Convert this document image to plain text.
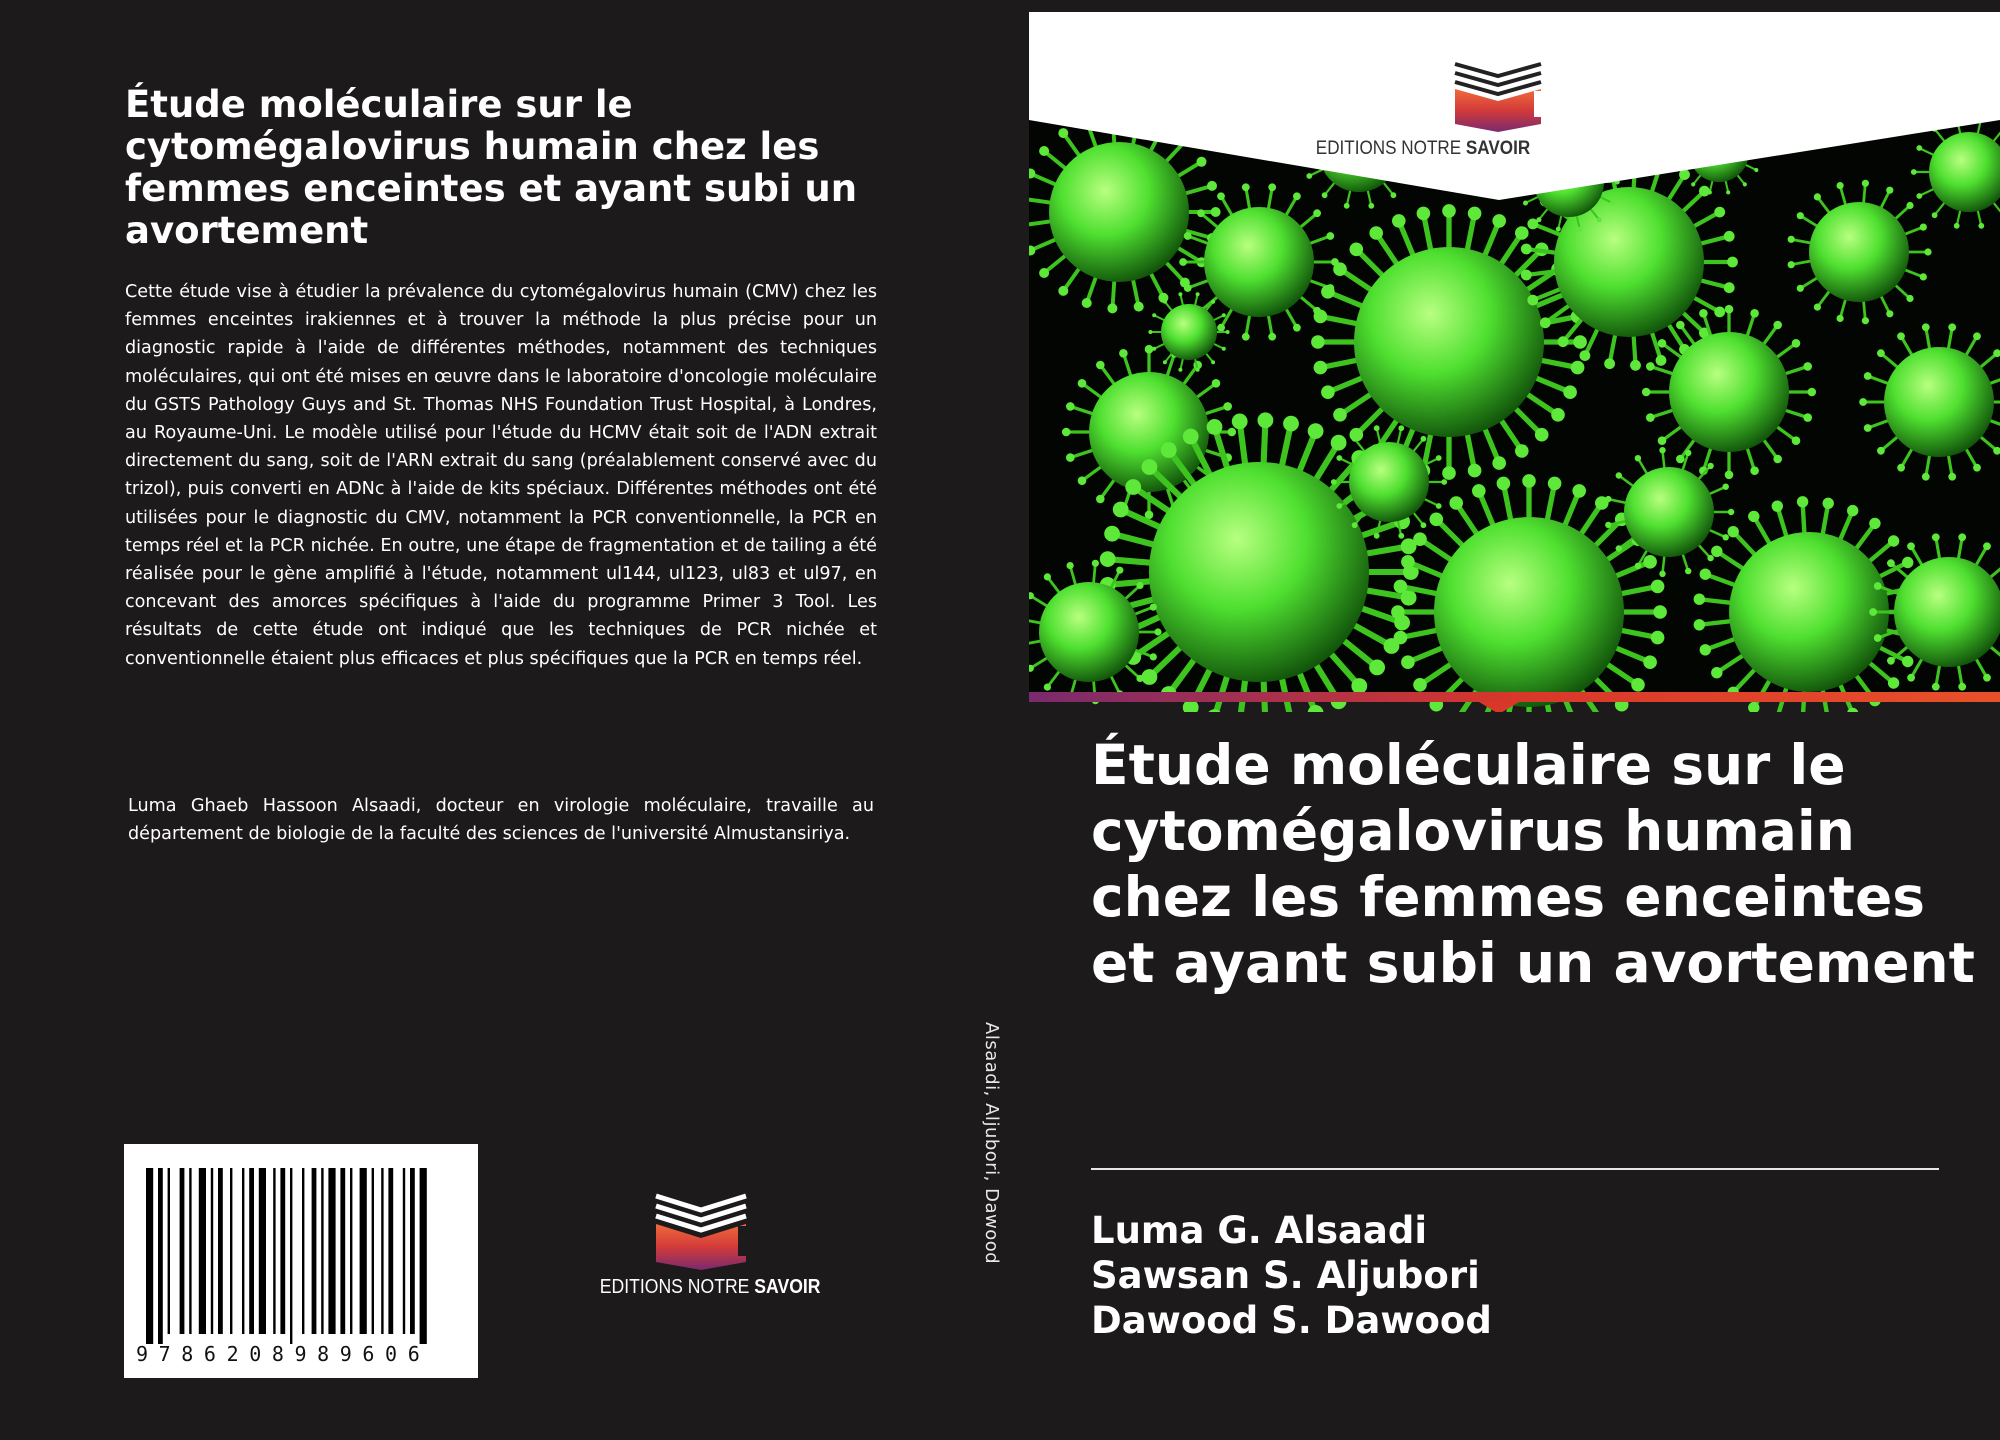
Étude moléculaire sur le cytomégalovirus humain chez les femmes enceintes et ayant subi un avortement

Cette étude vise à étudier la prévalence du cytomégalovirus humain (CMV) chez les femmes enceintes irakiennes et à trouver la méthode la plus précise pour un diagnostic rapide à l'aide de différentes méthodes, notamment des techniques moléculaires, qui ont été mises en œuvre dans le laboratoire d'oncologie moléculaire du GSTS Pathology Guys and St. Thomas NHS Foundation Trust Hospital, à Londres, au Royaume-Uni. Le modèle utilisé pour l'étude du HCMV était soit de l'ADN extrait directement du sang, soit de l'ARN extrait du sang (préalablement conservé avec du trizol), puis converti en ADNc à l'aide de kits spéciaux. Différentes méthodes ont été utilisées pour le diagnostic du CMV, notamment la PCR conventionnelle, la PCR en temps réel et la PCR nichée. En outre, une étape de fragmentation et de tailing a été réalisée pour le gène amplifié à l'étude, notamment ul144, ul123, ul83 et ul97, en concevant des amorces spécifiques à l'aide du programme Primer 3 Tool. Les résultats de cette étude ont indiqué que les techniques de PCR nichée et conventionnelle étaient plus efficaces et plus spécifiques que la PCR en temps réel.

Luma Ghaeb Hassoon Alsaadi, docteur en virologie moléculaire, travaille au département de biologie de la faculté des sciences de l'université Almustansiriya.

9786208989606
EDITIONS NOTRE SAVOIR
Alsaadi, Aljubori, Dawood
EDITIONS NOTRE SAVOIR
Étude moléculaire sur le cytomégalovirus humain chez les femmes enceintes et ayant subi un avortement
Luma G. Alsaadi
Sawsan S. Aljubori
Dawood S. Dawood
